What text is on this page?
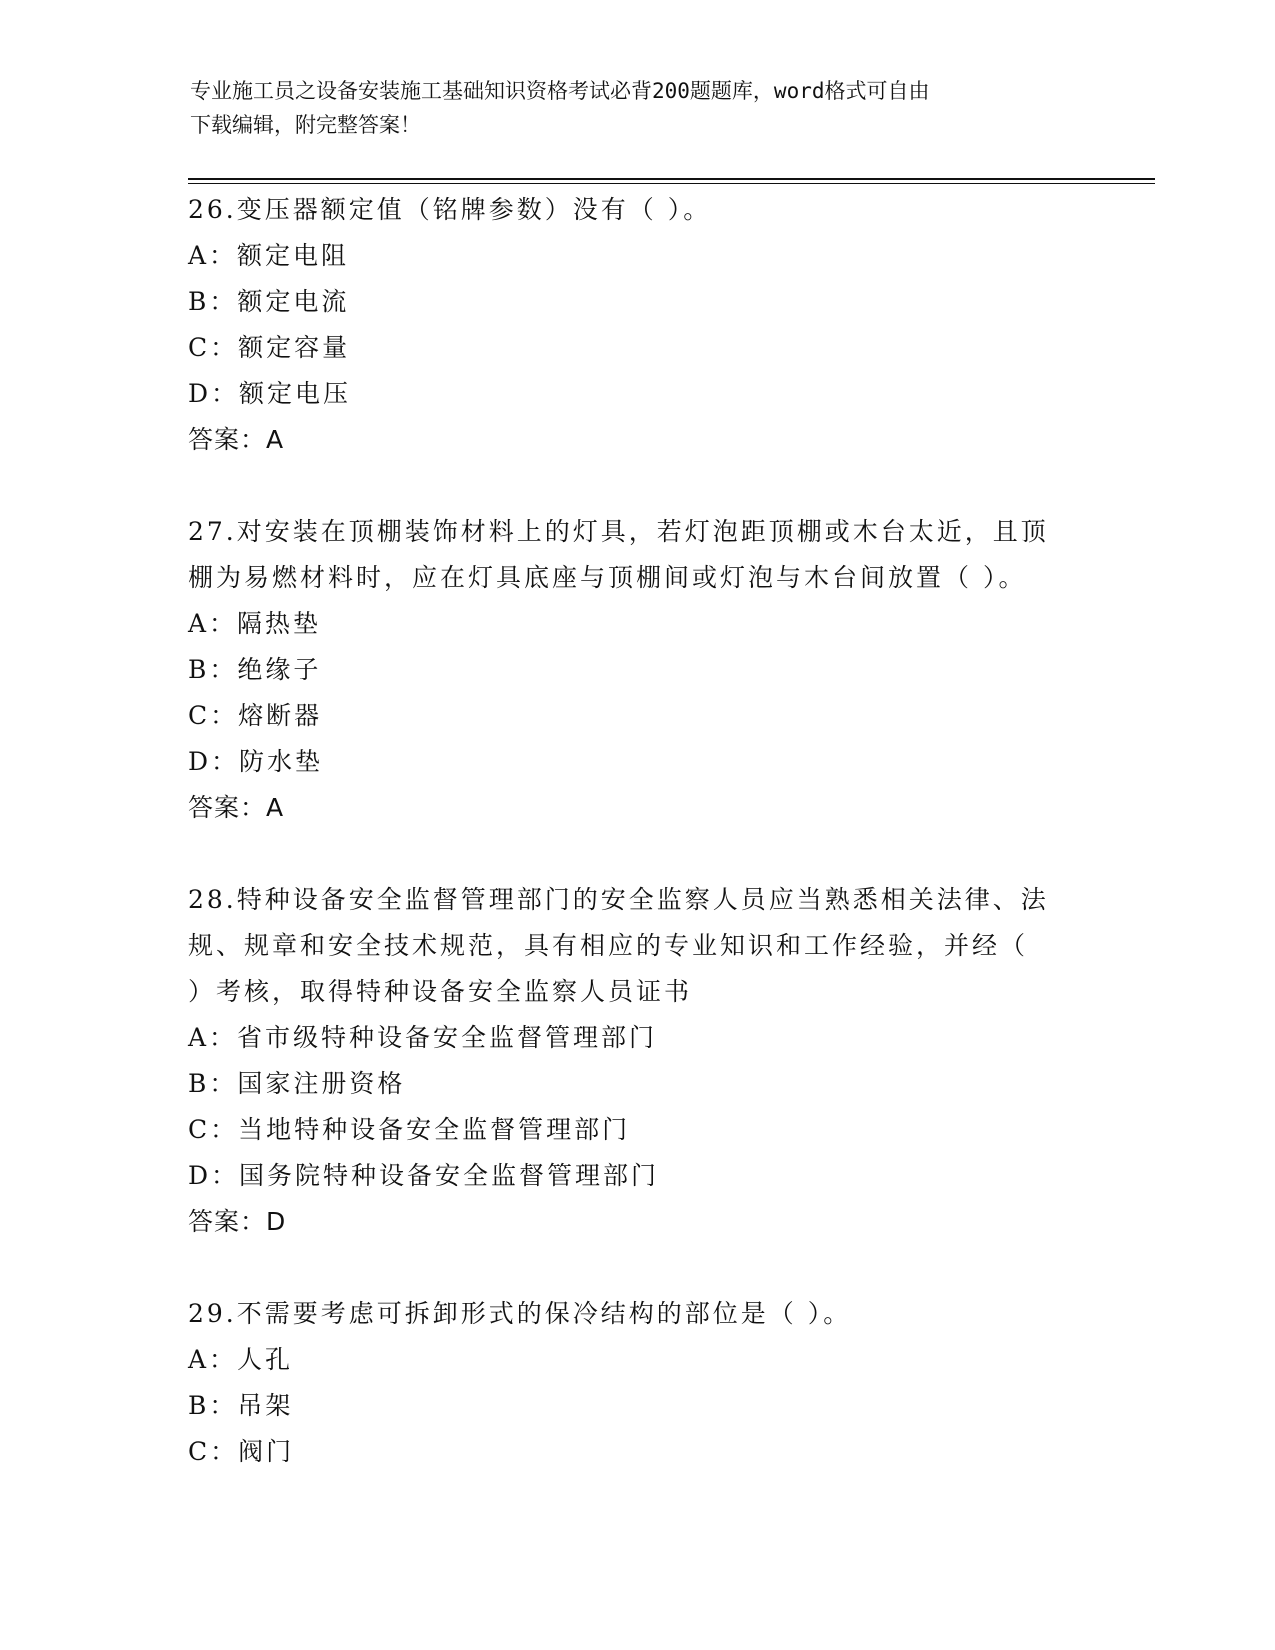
专业施工员之设备安装施工基础知识资格考试必背200题题库，word格式可自由
下载编辑，附完整答案！
26.变压器额定值（铭牌参数）没有（ ）。
A：额定电阻
B：额定电流
C：额定容量
D：额定电压
答案：A
27.对安装在顶棚装饰材料上的灯具，若灯泡距顶棚或木台太近，且顶
棚为易燃材料时，应在灯具底座与顶棚间或灯泡与木台间放置（ ）。
A：隔热垫
B：绝缘子
C：熔断器
D：防水垫
答案：A
28.特种设备安全监督管理部门的安全监察人员应当熟悉相关法律、法
规、规章和安全技术规范，具有相应的专业知识和工作经验，并经（
）考核，取得特种设备安全监察人员证书
A：省市级特种设备安全监督管理部门
B：国家注册资格
C：当地特种设备安全监督管理部门
D：国务院特种设备安全监督管理部门
答案：D
29.不需要考虑可拆卸形式的保冷结构的部位是（ ）。
A：人孔
B：吊架
C：阀门
